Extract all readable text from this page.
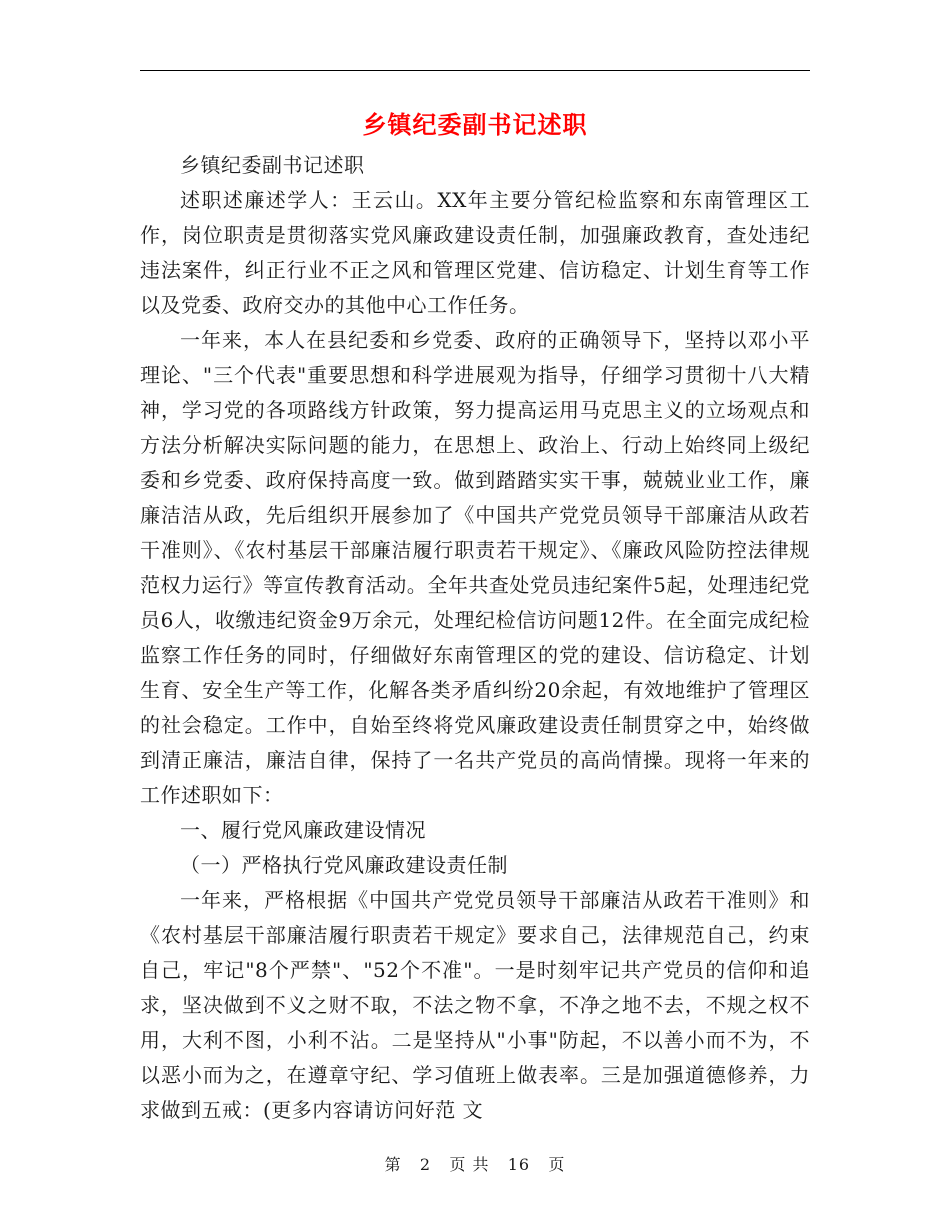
乡镇纪委副书记述职

乡镇纪委副书记述职

述职述廉述学人：王云山。XX年主要分管纪检监察和东南管理区工作，岗位职责是贯彻落实党风廉政建设责任制，加强廉政教育，查处违纪违法案件，纠正行业不正之风和管理区党建、信访稳定、计划生育等工作以及党委、政府交办的其他中心工作任务。

一年来，本人在县纪委和乡党委、政府的正确领导下，坚持以邓小平理论、"三个代表"重要思想和科学进展观为指导，仔细学习贯彻十八大精神，学习党的各项路线方针政策，努力提高运用马克思主义的立场观点和方法分析解决实际问题的能力，在思想上、政治上、行动上始终同上级纪委和乡党委、政府保持高度一致。做到踏踏实实干事，兢兢业业工作，廉廉洁洁从政，先后组织开展参加了《中国共产党党员领导干部廉洁从政若干准则》、《农村基层干部廉洁履行职责若干规定》、《廉政风险防控法律规范权力运行》等宣传教育活动。全年共查处党员违纪案件5起，处理违纪党员6人，收缴违纪资金9万余元，处理纪检信访问题12件。在全面完成纪检监察工作任务的同时，仔细做好东南管理区的党的建设、信访稳定、计划生育、安全生产等工作，化解各类矛盾纠纷20余起，有效地维护了管理区的社会稳定。工作中，自始至终将党风廉政建设责任制贯穿之中，始终做到清正廉洁，廉洁自律，保持了一名共产党员的高尚情操。现将一年来的工作述职如下：

一、履行党风廉政建设情况

（一）严格执行党风廉政建设责任制

一年来，严格根据《中国共产党党员领导干部廉洁从政若干准则》和《农村基层干部廉洁履行职责若干规定》要求自己，法律规范自己，约束自己，牢记"8个严禁"、"52个不准"。一是时刻牢记共产党员的信仰和追求，坚决做到不义之财不取，不法之物不拿，不净之地不去，不规之权不用，大利不图，小利不沾。二是坚持从"小事"防起，不以善小而不为，不以恶小而为之，在遵章守纪、学习值班上做表率。三是加强道德修养，力求做到五戒：(更多内容请访问好范 文

第 2 页 共 16 页
